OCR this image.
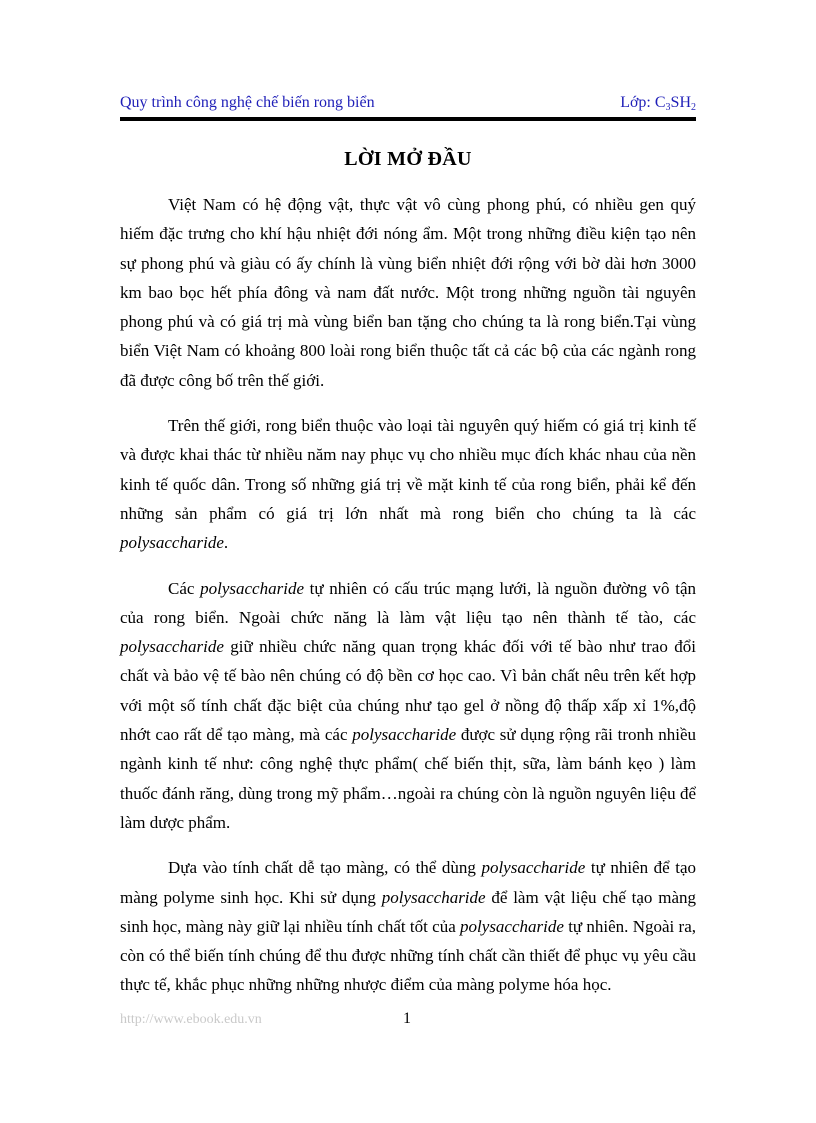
Quy trình công nghệ chế biến rong biển	Lớp: $C_3SH_2$
LỜI MỞ ĐẦU

Việt Nam có hệ động vật, thực vật vô cùng phong phú, có nhiều gen quý hiếm đặc trưng cho khí hậu nhiệt đới nóng ẩm. Một trong những điều kiện tạo nên sự phong phú và giàu có ấy chính là vùng biển nhiệt đới rộng với bờ dài hơn 3000 km bao bọc hết phía đông và nam đất nước. Một trong những nguồn tài nguyên phong phú và có giá trị mà vùng biển ban tặng cho chúng ta là rong biển.Tại vùng biển Việt Nam có khoảng 800 loài rong biển thuộc tất cả các bộ của các ngành rong đã được công bố trên thế giới.

Trên thế giới, rong biển thuộc vào loại tài nguyên quý hiếm có giá trị kinh tế và được khai thác từ nhiều năm nay phục vụ cho nhiều mục đích khác nhau của nền kinh tế quốc dân. Trong số những giá trị về mặt kinh tế của rong biển, phải kể đến những sản phẩm có giá trị lớn nhất mà rong biển cho chúng ta là các polysaccharide.

Các polysaccharide tự nhiên có cấu trúc mạng lưới, là nguồn đường vô tận của rong biển. Ngoài chức năng là làm vật liệu tạo nên thành tế tào, các polysaccharide giữ nhiều chức năng quan trọng khác đối với tế bào như trao đổi chất và bảo vệ tế bào nên chúng có độ bền cơ học cao. Vì bản chất nêu trên kết hợp với một số tính chất đặc biệt của chúng như tạo gel ở nồng độ thấp xấp xỉ 1%,độ nhớt cao rất dể tạo màng, mà các polysaccharide được sử dụng rộng rãi tronh nhiều ngành kinh tế như: công nghệ thực phẩm( chế biến thịt, sữa, làm bánh kẹo ) làm thuốc đánh răng, dùng trong mỹ phẩm…ngoài ra chúng còn là nguồn nguyên liệu để làm dược phẩm.

Dựa vào tính chất dễ tạo màng, có thể dùng polysaccharide tự nhiên để tạo màng polyme sinh học. Khi sử dụng polysaccharide để làm vật liệu chế tạo màng sinh học, màng này giữ lại nhiều tính chất tốt của polysaccharide tự nhiên. Ngoài ra, còn có thể biến tính chúng để thu được những tính chất cần thiết để phục vụ yêu cầu thực tế, khắc phục những những nhược điểm của màng polyme hóa học.

http://www.ebook.edu.vn	1
